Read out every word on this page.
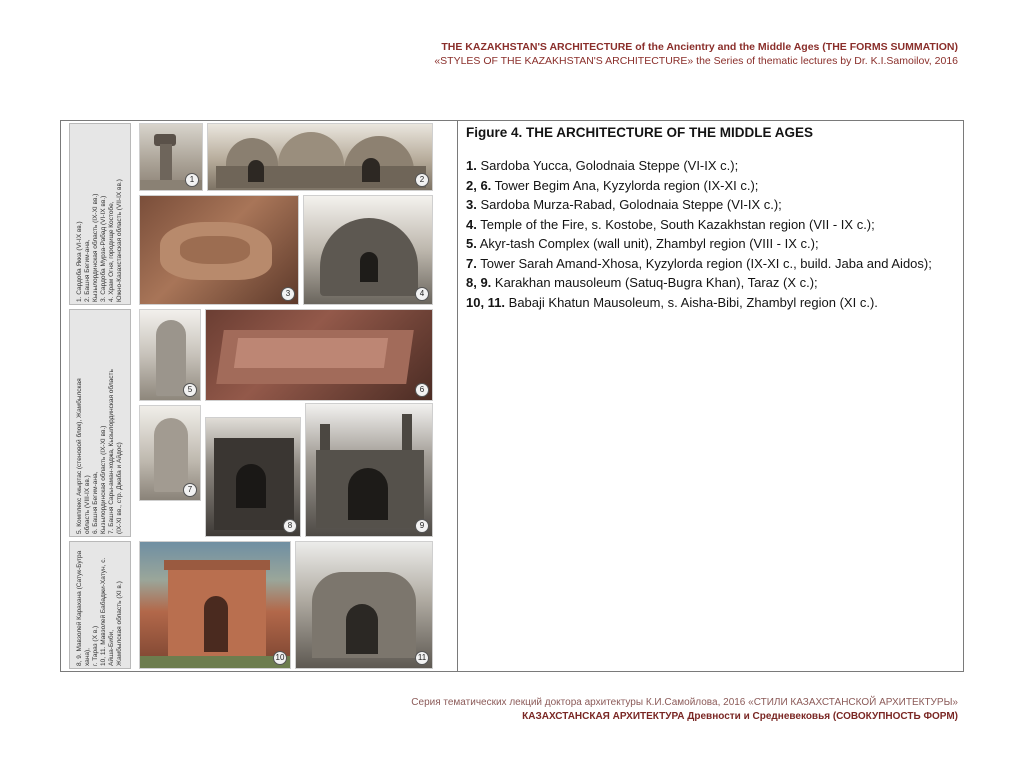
THE KAZAKHSTAN'S ARCHITECTURE of the Ancientry and the Middle Ages (THE FORMS SUMMATION)
«STYLES OF THE KAZAKHSTAN'S ARCHITECTURE» the Series of thematic lectures by Dr. K.I.Samoilov, 2016
1. Сардоба Якка (VI-IX вв.)
2. Башня Бегим-ана,
Кызылординская область (IX-XI вв.)
3. Сардоба Мурза-Рабад (VI-IX вв.)
4. Храм Огня, городище Костобе,
Южно-Казахстанская область (VII-IX вв.)
5. Комплекс Акыртас (стеновой блок), Жамбылская
область (VIII-IX вв.)
6. Башня Бегим-ана,
Кызылординская область (IX-XI вв.)
7. Башня Сары-аман-ходжа, Кызылординская область
(IX-XI вв., стр. Джаба и Айдос)
8, 9. Мавзолей Карахана (Сатук-Бугра хана),
г. Тараз (X в.)
10, 11. Мавзолей Бабаджи-Хатун, с. Айша-Биби,
Жамбылская область (XI в.)
1	2
3	4
5	6
7
8	9
10	11

Figure 4. THE ARCHITECTURE OF THE MIDDLE AGES

1. Sardoba Yucca, Golodnaia Steppe (VI-IX c.);

2, 6. Tower Begim Ana, Kyzylorda region (IX-XI c.);

3. Sardoba Murza-Rabad, Golodnaia Steppe (VI-IX c.);

4. Temple of the Fire, s. Kostobe, South Kazakhstan region (VII - IX c.);

5. Akyr-tash Complex (wall unit), Zhambyl region (VIII - IX c.);

7. Tower Sarah Amand-Xhosa, Kyzylorda region (IX-XI c., build. Jaba and Aidos);

8, 9. Karakhan mausoleum (Satuq-Bugra Khan), Taraz (X c.);

10, 11. Babaji Khatun Mausoleum, s. Aisha-Bibi, Zhambyl region (XI c.).

Серия тематических лекций доктора архитектуры К.И.Самойлова, 2016 «СТИЛИ КАЗАХСТАНСКОЙ АРХИТЕКТУРЫ»
КАЗАХСТАНСКАЯ АРХИТЕКТУРА Древности и Средневековья (СОВОКУПНОСТЬ ФОРМ)
